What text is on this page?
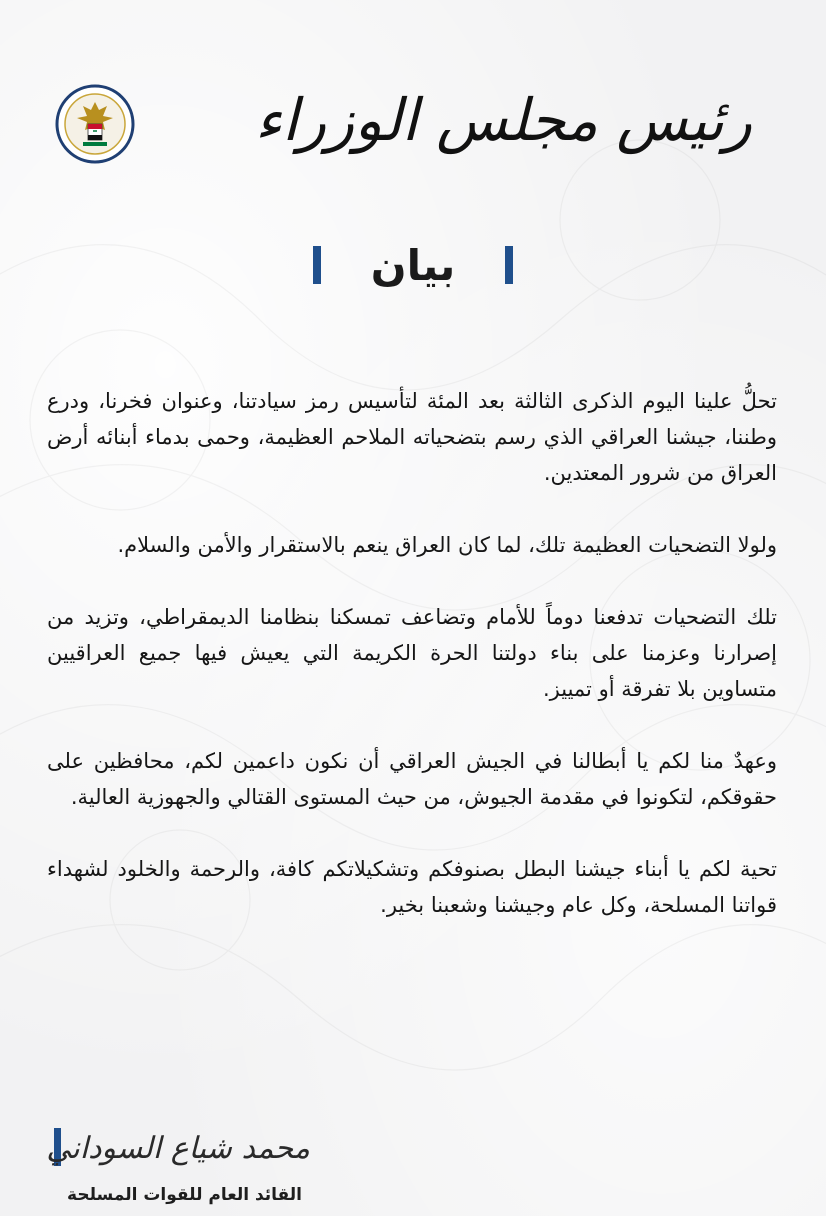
رئيس مجلس الوزراء
بيان

تحلُّ علينا اليوم الذكرى الثالثة بعد المئة لتأسيس رمز سيادتنا، وعنوان فخرنا، ودرع وطننا، جيشنا العراقي الذي رسم بتضحياته الملاحم العظيمة، وحمى بدماء أبنائه أرض العراق من شرور المعتدين.

ولولا التضحيات العظيمة تلك، لما كان العراق ينعم بالاستقرار والأمن والسلام.

تلك التضحيات تدفعنا دوماً للأمام وتضاعف تمسكنا بنظامنا الديمقراطي، وتزيد من إصرارنا وعزمنا على بناء دولتنا الحرة الكريمة التي يعيش فيها جميع العراقيين متساوين بلا تفرقة أو تمييز.

وعهدٌ منا لكم يا أبطالنا في الجيش العراقي أن نكون داعمين لكم، محافظين على حقوقكم، لتكونوا في مقدمة الجيوش، من حيث المستوى القتالي والجهوزية العالية.

تحية لكم يا أبناء جيشنا البطل بصنوفكم وتشكيلاتكم كافة، والرحمة والخلود لشهداء قواتنا المسلحة، وكل عام وجيشنا وشعبنا بخير.

محمد شياع السوداني
القائد العام للقوات المسلحة
